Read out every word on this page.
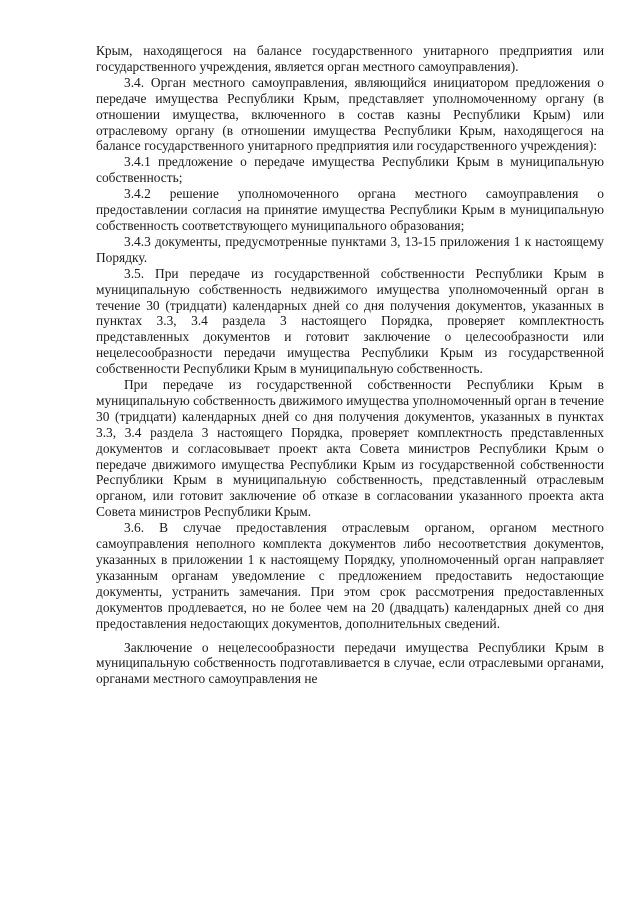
Крым, находящегося на балансе государственного унитарного предприятия или государственного учреждения, является орган местного самоуправления).

3.4. Орган местного самоуправления, являющийся инициатором предложения о передаче имущества Республики Крым, представляет уполномоченному органу (в отношении имущества, включенного в состав казны Республики Крым) или отраслевому органу (в отношении имущества Республики Крым, находящегося на балансе государственного унитарного предприятия или государственного учреждения):

3.4.1 предложение о передаче имущества Республики Крым в муниципальную собственность;

3.4.2 решение уполномоченного органа местного самоуправления о предоставлении согласия на принятие имущества Республики Крым в муниципальную собственность соответствующего муниципального образования;

3.4.3 документы, предусмотренные пунктами 3, 13-15 приложения 1 к настоящему Порядку.

3.5. При передаче из государственной собственности Республики Крым в муниципальную собственность недвижимого имущества уполномоченный орган в течение 30 (тридцати) календарных дней со дня получения документов, указанных в пунктах 3.3, 3.4 раздела 3 настоящего Порядка, проверяет комплектность представленных документов и готовит заключение о целесообразности или нецелесообразности передачи имущества Республики Крым из государственной собственности Республики Крым в муниципальную собственность.

При передаче из государственной собственности Республики Крым в муниципальную собственность движимого имущества уполномоченный орган в течение 30 (тридцати) календарных дней со дня получения документов, указанных в пунктах 3.3, 3.4 раздела 3 настоящего Порядка, проверяет комплектность представленных документов и согласовывает проект акта Совета министров Республики Крым о передаче движимого имущества Республики Крым из государственной собственности Республики Крым в муниципальную собственность, представленный отраслевым органом, или готовит заключение об отказе в согласовании указанного проекта акта Совета министров Республики Крым.

3.6. В случае предоставления отраслевым органом, органом местного самоуправления неполного комплекта документов либо несоответствия документов, указанных в приложении 1 к настоящему Порядку, уполномоченный орган направляет указанным органам уведомление с предложением предоставить недостающие документы, устранить замечания. При этом срок рассмотрения предоставленных документов продлевается, но не более чем на 20 (двадцать) календарных дней со дня предоставления недостающих документов, дополнительных сведений.

Заключение о нецелесообразности передачи имущества Республики Крым в муниципальную собственность подготавливается в случае, если отраслевыми органами, органами местного самоуправления не
